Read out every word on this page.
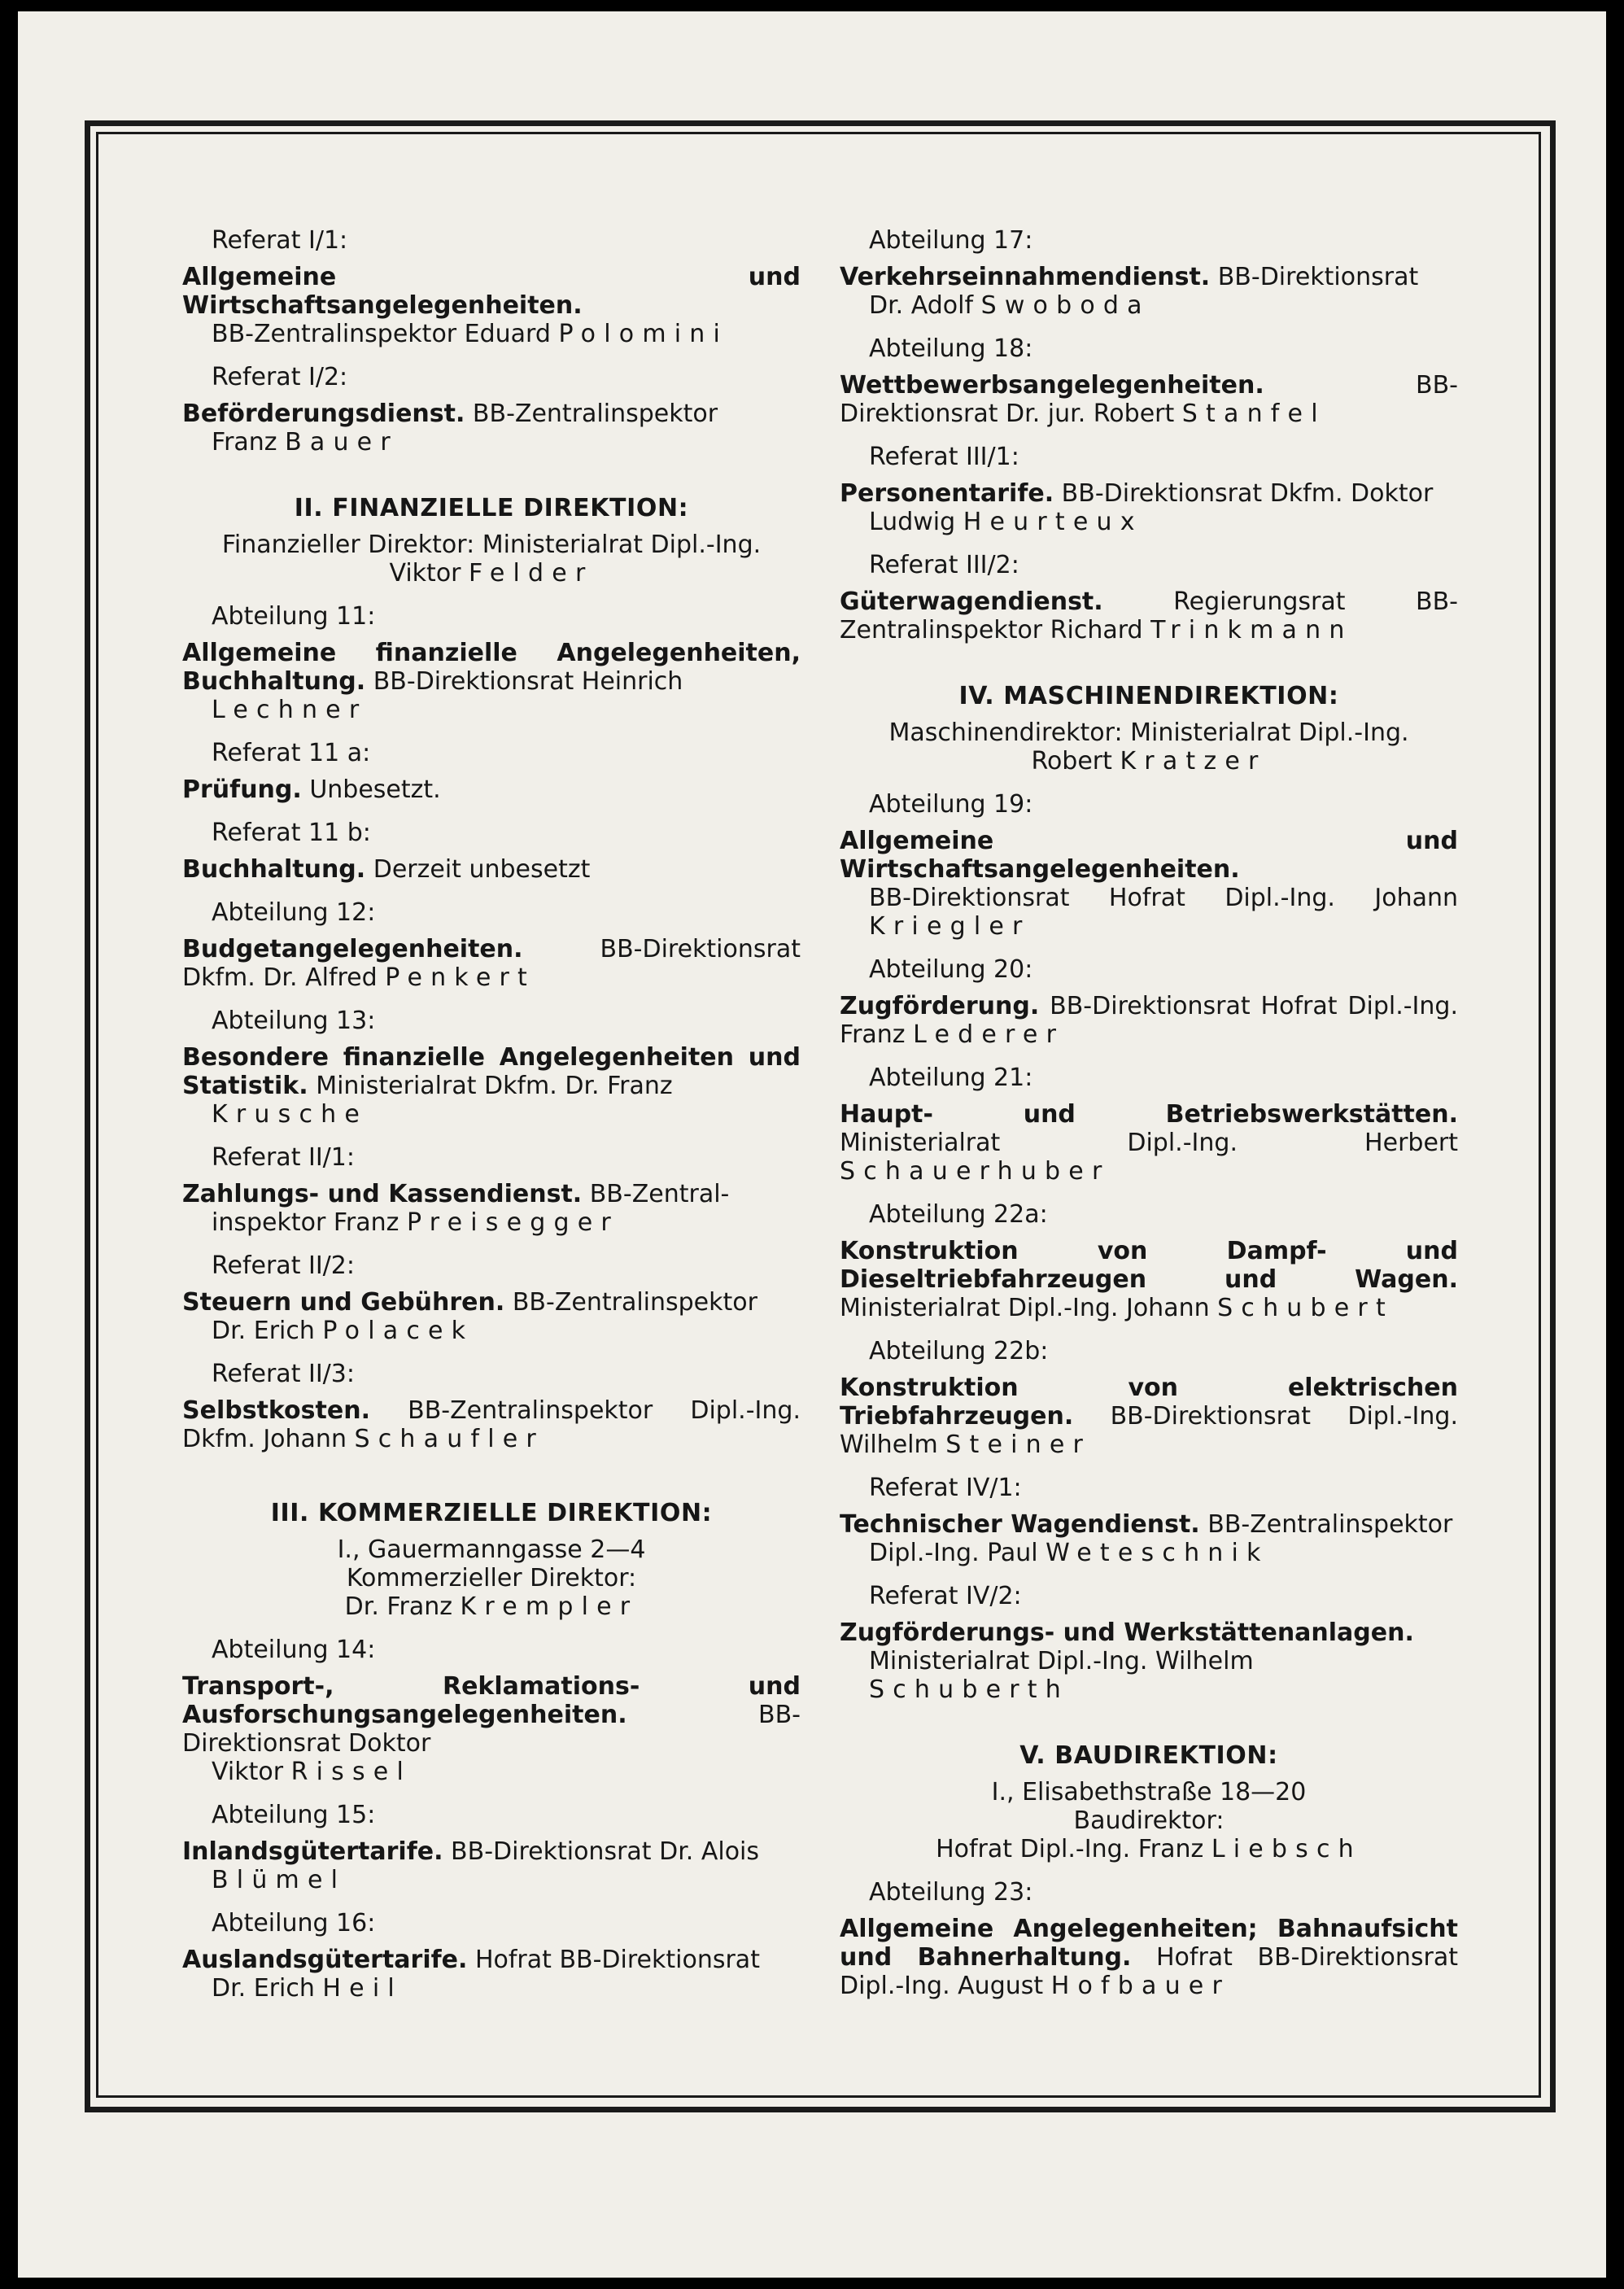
Referat I/1:
Allgemeine und Wirtschaftsangelegenheiten.
BB-Zentralinspektor Eduard Polomini
Referat I/2:
Beförderungsdienst. BB-Zentralinspektor
Franz Bauer
II. FINANZIELLE DIREKTION:
Finanzieller Direktor: Ministerialrat Dipl.-Ing.
Viktor Felder
Abteilung 11:
Allgemeine finanzielle Angelegenheiten, Buchhaltung. BB-Direktionsrat Heinrich
Lechner
Referat 11 a:
Prüfung. Unbesetzt.
Referat 11 b:
Buchhaltung. Derzeit unbesetzt
Abteilung 12:
Budgetangelegenheiten. BB-Direktionsrat Dkfm. Dr. Alfred Penkert
Abteilung 13:
Besondere finanzielle Angelegenheiten und Statistik. Ministerialrat Dkfm. Dr. Franz
Krusche
Referat II/1:
Zahlungs- und Kassendienst. BB-Zentral-
inspektor Franz Preisegger
Referat II/2:
Steuern und Gebühren. BB-Zentralinspektor
Dr. Erich Polacek
Referat II/3:
Selbstkosten. BB-Zentralinspektor Dipl.-Ing. Dkfm. Johann Schaufler
III. KOMMERZIELLE DIREKTION:
I., Gauermanngasse 2—4
Kommerzieller Direktor:
Dr. Franz Krempler
Abteilung 14:
Transport-, Reklamations- und Ausforschungsangelegenheiten. BB-Direktionsrat Doktor
Viktor Rissel
Abteilung 15:
Inlandsgütertarife. BB-Direktionsrat Dr. Alois
Blümel
Abteilung 16:
Auslandsgütertarife. Hofrat BB-Direktionsrat
Dr. Erich Heil
Abteilung 17:
Verkehrseinnahmendienst. BB-Direktionsrat
Dr. Adolf Swoboda
Abteilung 18:
Wettbewerbsangelegenheiten. BB-Direktionsrat Dr. jur. Robert Stanfel
Referat III/1:
Personentarife. BB-Direktionsrat Dkfm. Doktor
Ludwig Heurteux
Referat III/2:
Güterwagendienst. Regierungsrat BB-Zentralinspektor Richard Trinkmann
IV. MASCHINENDIREKTION:
Maschinendirektor: Ministerialrat Dipl.-Ing.
Robert Kratzer
Abteilung 19:
Allgemeine und Wirtschaftsangelegenheiten.
BB-Direktionsrat Hofrat Dipl.-Ing. Johann Kriegler
Abteilung 20:
Zugförderung. BB-Direktionsrat Hofrat Dipl.-Ing. Franz Lederer
Abteilung 21:
Haupt- und Betriebswerkstätten. Ministerialrat Dipl.-Ing. Herbert Schauerhuber
Abteilung 22a:
Konstruktion von Dampf- und Dieseltriebfahrzeugen und Wagen. Ministerialrat Dipl.-Ing. Johann Schubert
Abteilung 22b:
Konstruktion von elektrischen Triebfahrzeugen. BB-Direktionsrat Dipl.-Ing. Wilhelm Steiner
Referat IV/1:
Technischer Wagendienst. BB-Zentralinspektor
Dipl.-Ing. Paul Weteschnik
Referat IV/2:
Zugförderungs- und Werkstättenanlagen.
Ministerialrat Dipl.-Ing. Wilhelm
Schuberth
V. BAUDIREKTION:
I., Elisabethstraße 18—20
Baudirektor:
Hofrat Dipl.-Ing. Franz Liebsch
Abteilung 23:
Allgemeine Angelegenheiten; Bahnaufsicht und Bahnerhaltung. Hofrat BB-Direktionsrat Dipl.-Ing. August Hofbauer
